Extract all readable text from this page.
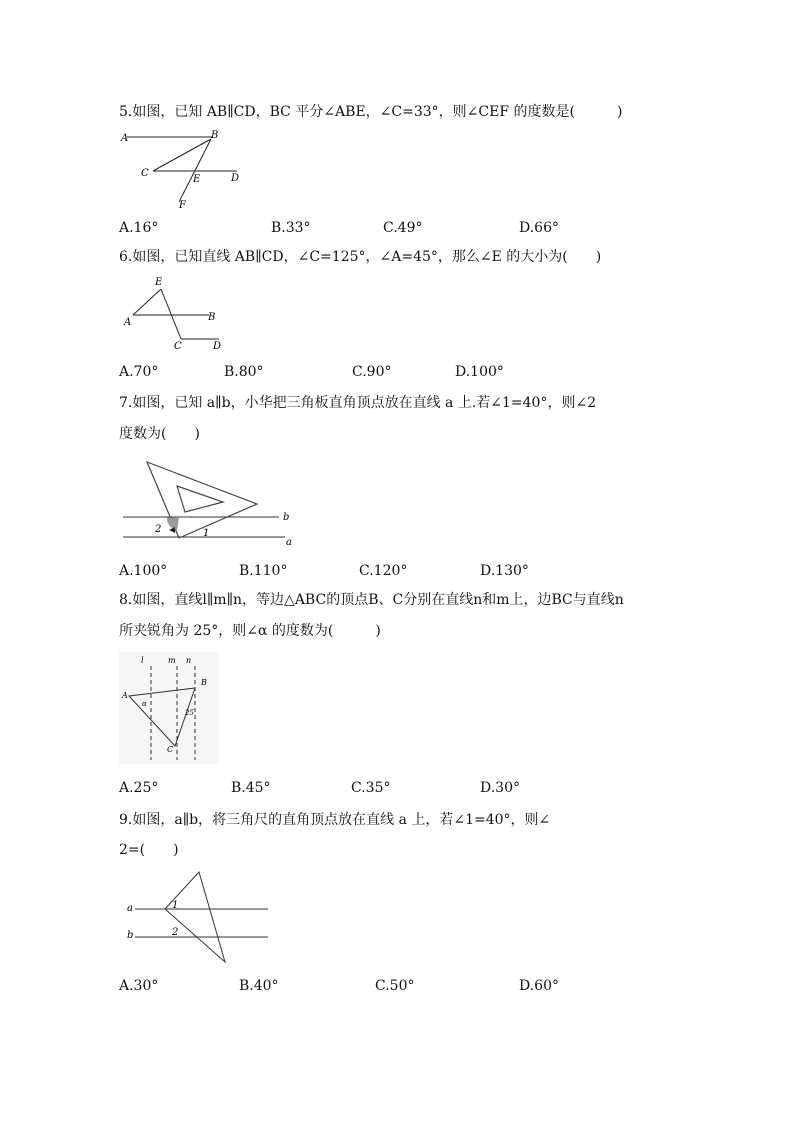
5.如图，已知 AB∥CD，BC 平分∠ABE，∠C=33°，则∠CEF 的度数是(　　　)
A	B
C
E	D
F
A.16°	B.33°	C.49°	D.66°
6.如图，已知直线 AB∥CD，∠C=125°，∠A=45°，那么∠E 的大小为(　　)
E
A	B
C	D
A.70°	B.80°	C.90°	D.100°
7.如图，已知 a∥b，小华把三角板直角顶点放在直线 a 上.若∠1=40°，则∠2
度数为(　　)
b
a
2	1
A.100°	B.110°	C.120°	D.130°
8.如图，直线l∥m∥n，等边△ABC的顶点B、C分别在直线n和m上，边BC与直线n
所夹锐角为 25°，则∠α 的度数为(　　　)
l	m n
A
B
C
α
25
A.25°	B.45°	C.35°	D.30°
9.如图，a∥b，将三角尺的直角顶点放在直线 a 上，若∠1=40°，则∠
2=(　　)
a
b
1
2
A.30°	B.40°	C.50°	D.60°
